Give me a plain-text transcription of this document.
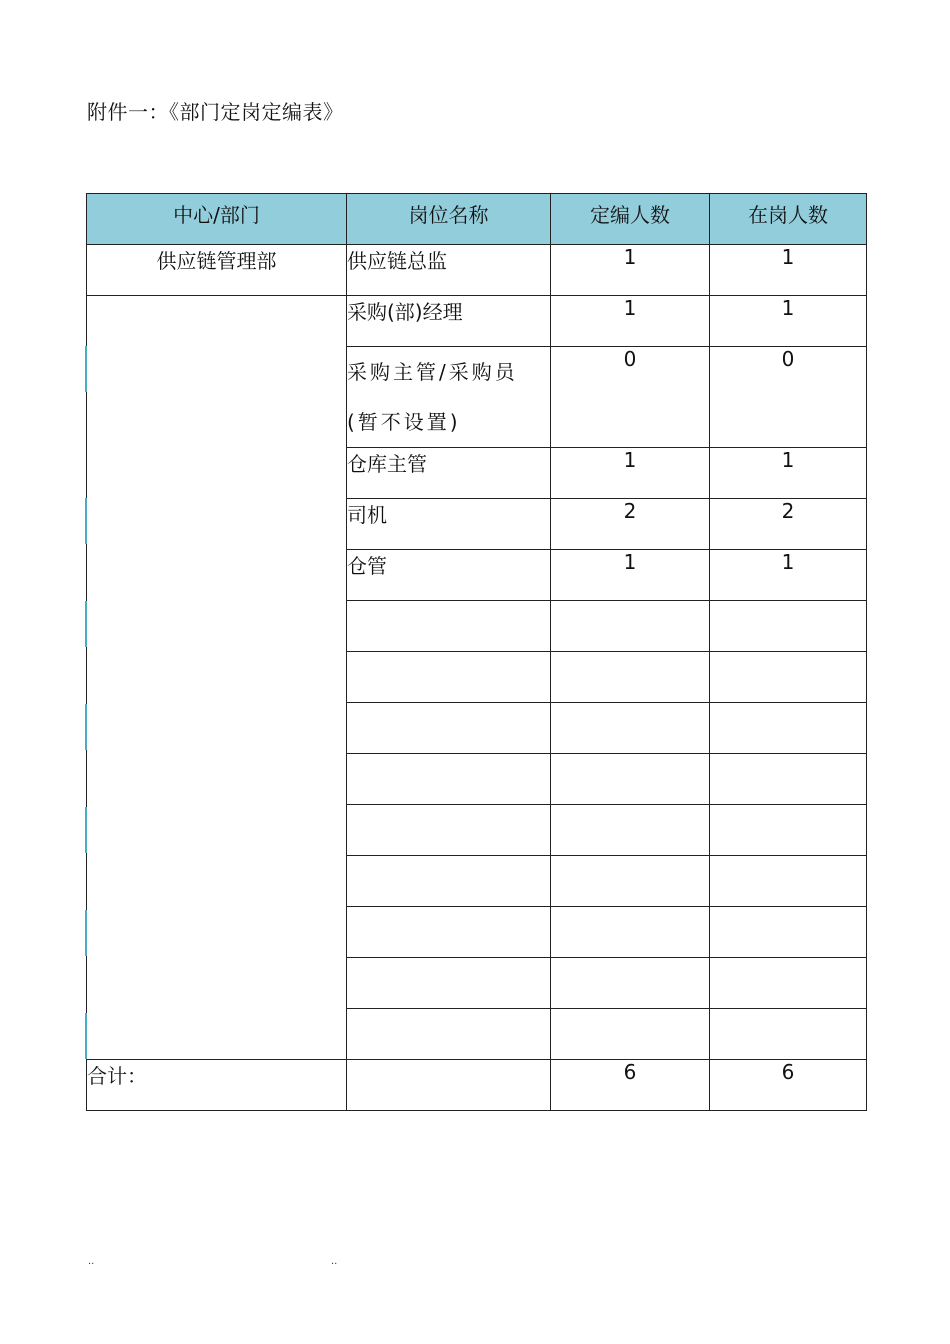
附件一：《部门定岗定编表》
中心/部门	岗位名称	定编人数	在岗人数
供应链管理部	供应链总监	1	1
	采购(部)经理	1	1
	采购主管/采购员(暂不设置)	0	0
	仓库主管	1	1
	司机	2	2
	仓管	1	1

合计：		6	6
..	..
